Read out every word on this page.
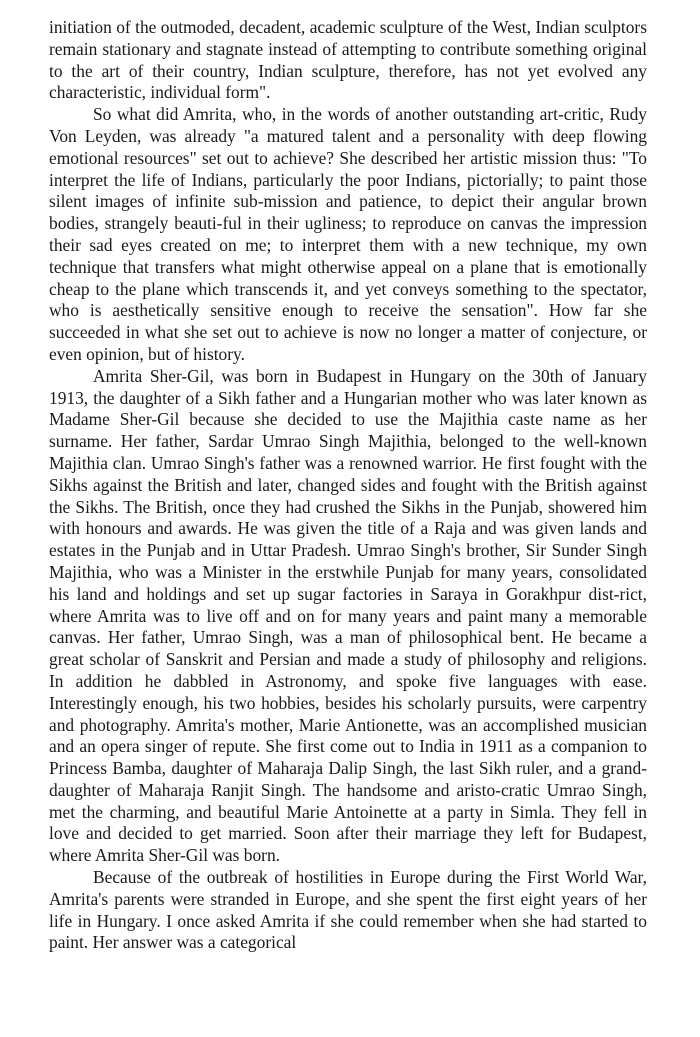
initiation of the outmoded, decadent, academic sculpture of the West, Indian sculptors remain stationary and stagnate instead of attempting to contribute something original to the art of their country, Indian sculpture, therefore, has not yet evolved any characteristic, individual form".

So what did Amrita, who, in the words of another outstanding art-critic, Rudy Von Leyden, was already "a matured talent and a personality with deep flowing emotional resources" set out to achieve? She described her artistic mission thus: "To interpret the life of Indians, particularly the poor Indians, pictorially; to paint those silent images of infinite sub-mission and patience, to depict their angular brown bodies, strangely beauti-ful in their ugliness; to reproduce on canvas the impression their sad eyes created on me; to interpret them with a new technique, my own technique that transfers what might otherwise appeal on a plane that is emotionally cheap to the plane which transcends it, and yet conveys something to the spectator, who is aesthetically sensitive enough to receive the sensation". How far she succeeded in what she set out to achieve is now no longer a matter of conjecture, or even opinion, but of history.

Amrita Sher-Gil, was born in Budapest in Hungary on the 30th of January 1913, the daughter of a Sikh father and a Hungarian mother who was later known as Madame Sher-Gil because she decided to use the Majithia caste name as her surname. Her father, Sardar Umrao Singh Majithia, belonged to the well-known Majithia clan. Umrao Singh's father was a renowned warrior. He first fought with the Sikhs against the British and later, changed sides and fought with the British against the Sikhs. The British, once they had crushed the Sikhs in the Punjab, showered him with honours and awards. He was given the title of a Raja and was given lands and estates in the Punjab and in Uttar Pradesh. Umrao Singh's brother, Sir Sunder Singh Majithia, who was a Minister in the erstwhile Punjab for many years, consolidated his land and holdings and set up sugar factories in Saraya in Gorakhpur dist-rict, where Amrita was to live off and on for many years and paint many a memorable canvas. Her father, Umrao Singh, was a man of philosophical bent. He became a great scholar of Sanskrit and Persian and made a study of philosophy and religions. In addition he dabbled in Astronomy, and spoke five languages with ease. Interestingly enough, his two hobbies, besides his scholarly pursuits, were carpentry and photography. Amrita's mother, Marie Antionette, was an accomplished musician and an opera singer of repute. She first come out to India in 1911 as a companion to Princess Bamba, daughter of Maharaja Dalip Singh, the last Sikh ruler, and a grand-daughter of Maharaja Ranjit Singh. The handsome and aristo-cratic Umrao Singh, met the charming, and beautiful Marie Antoinette at a party in Simla. They fell in love and decided to get married. Soon after their marriage they left for Budapest, where Amrita Sher-Gil was born.

Because of the outbreak of hostilities in Europe during the First World War, Amrita's parents were stranded in Europe, and she spent the first eight years of her life in Hungary. I once asked Amrita if she could remember when she had started to paint. Her answer was a categorical
